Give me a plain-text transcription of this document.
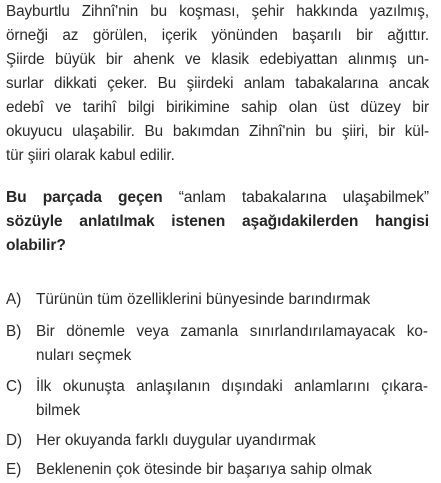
Bayburtlu Zihnî'nin bu koşması, şehir hakkında yazılmış,
örneği az görülen, içerik yönünden başarılı bir ağıttır.
Şiirde büyük bir ahenk ve klasik edebiyattan alınmış un-
surlar dikkati çeker. Bu şiirdeki anlam tabakalarına ancak
edebî ve tarihî bilgi birikimine sahip olan üst düzey bir
okuyucu ulaşabilir. Bu bakımdan Zihnî'nin bu şiiri, bir kül-
tür şiiri olarak kabul edilir.
Bu parçada geçen “anlam tabakalarına ulaşabilmek”
sözüyle anlatılmak istenen aşağıdakilerden hangisi
olabilir?
A) Türünün tüm özelliklerini bünyesinde barındırmak
B) Bir dönemle veya zamanla sınırlandırılamayacak ko-
nuları seçmek
C) İlk okunuşta anlaşılanın dışındaki anlamlarını çıkara-
bilmek
D) Her okuyanda farklı duygular uyandırmak
E) Beklenenin çok ötesinde bir başarıya sahip olmak
